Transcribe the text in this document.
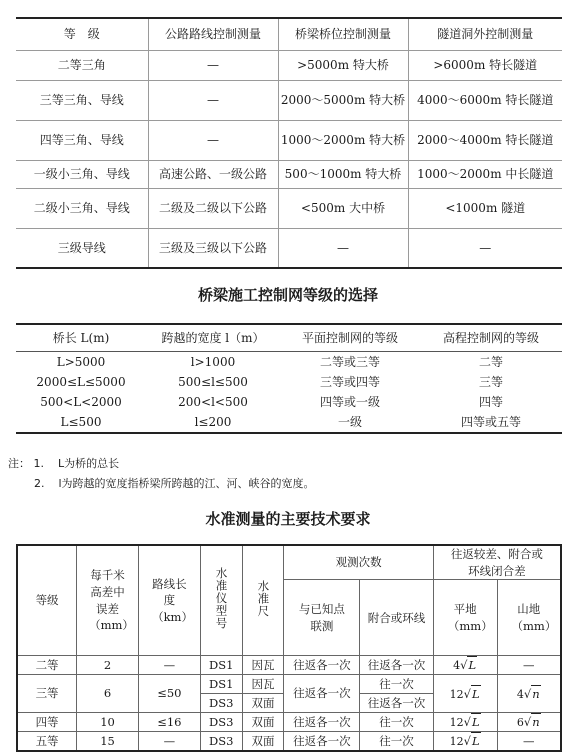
等　级	公路路线控制测量	桥梁桥位控制测量	隧道洞外控制测量
二等三角	—	>5000m 特大桥	>6000m 特长隧道
三等三角、导线	—	2000～5000m 特大桥	4000～6000m 特长隧道
四等三角、导线	—	1000～2000m 特大桥	2000～4000m 特长隧道
一级小三角、导线	高速公路、一级公路	500～1000m 特大桥	1000～2000m 中长隧道
二级小三角、导线	二级及二级以下公路	<500m 大中桥	<1000m 隧道
三级导线	三级及三级以下公路	—	—
桥梁施工控制网等级的选择
桥长 L(m)	跨越的宽度 l（m）	平面控制网的等级	高程控制网的等级
L>5000	l>1000	二等或三等	二等
2000≤L≤5000	500≤l≤500	三等或四等	三等
500<L<2000	200<l<500	四等或一级	四等
L≤500	l≤200	一级	四等或五等
注： 1. L为桥的总长
2. l为跨越的宽度指桥梁所跨越的江、河、峡谷的宽度。
水准测量的主要技术要求
等级	每千米高差中误差（mm）	路线长度（km）	水准仪型号	水准尺	观测次数		往返较差、附合或环线闭合差	
					与已知点联测	附合或环线	平地（mm）	山地（mm）
二等	2	—	DS1	因瓦	往返各一次	往返各一次	4√L	—
三等	6	≤50	DS1	因瓦	往返各一次	往一次	12√L	4√n
			DS3	双面		往返各一次		
四等	10	≤16	DS3	双面	往返各一次	往一次	12√L	6√n
五等	15	—	DS3	双面	往返各一次	往一次	12√L	—
